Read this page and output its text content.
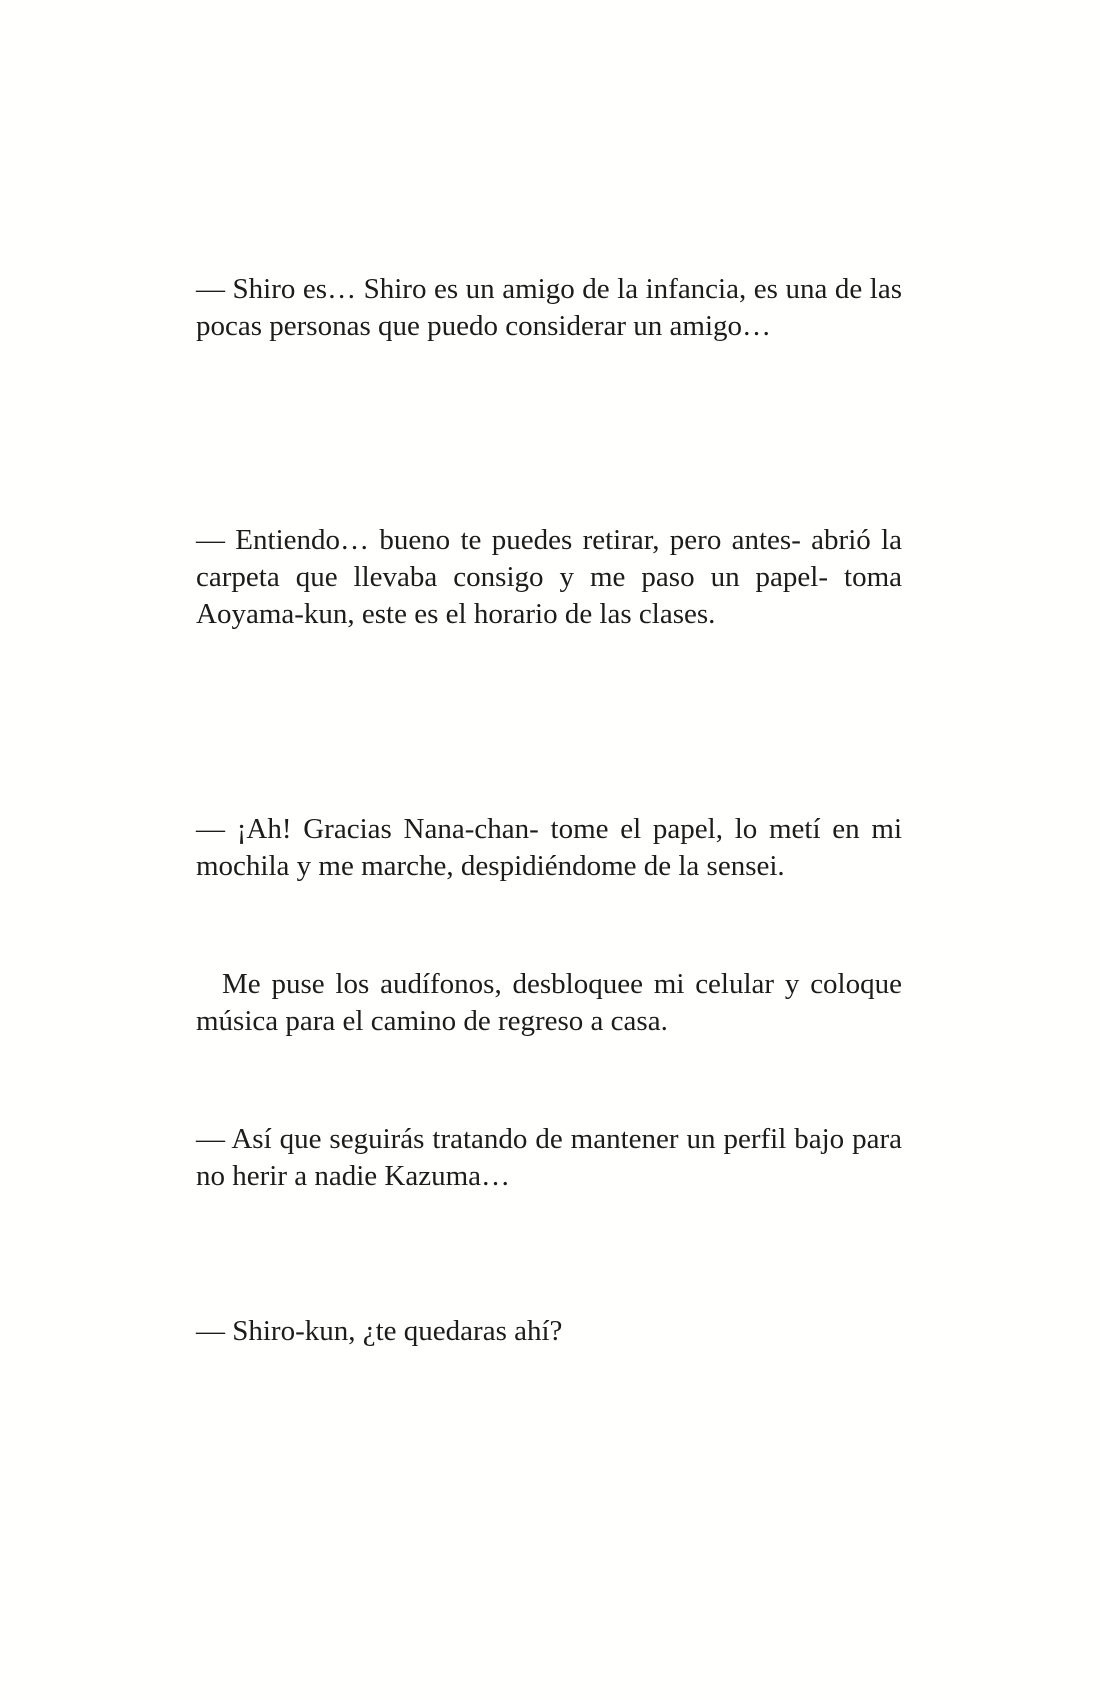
— Shiro es… Shiro es un amigo de la infancia, es una de las pocas personas que puedo considerar un amigo…

— Entiendo… bueno te puedes retirar, pero antes- abrió la carpeta que llevaba consigo y me paso un papel- toma Aoyama-kun, este es el horario de las clases.

— ¡Ah! Gracias Nana-chan- tome el papel, lo metí en mi mochila y me marche, despidiéndome de la sensei.

Me puse los audífonos, desbloquee mi celular y coloque música para el camino de regreso a casa.

— Así que seguirás tratando de mantener un perfil bajo para no herir a nadie Kazuma…

— Shiro-kun, ¿te quedaras ahí?
